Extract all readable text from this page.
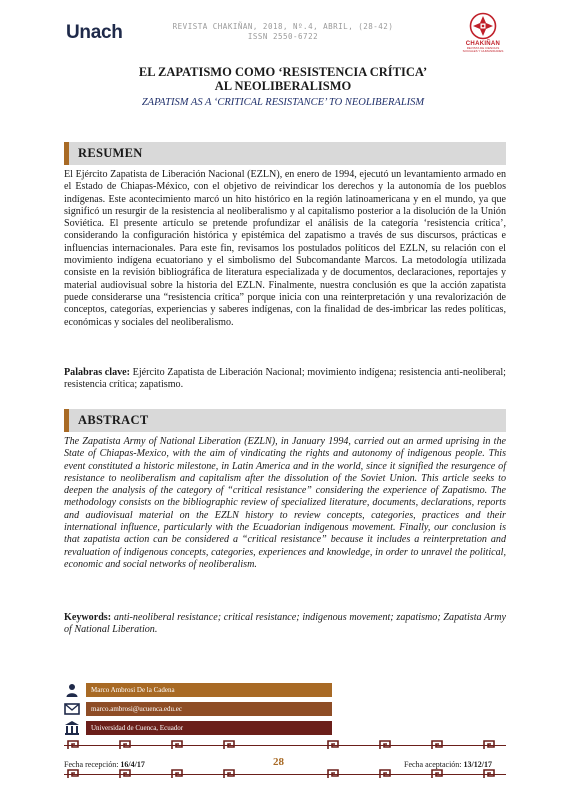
Unach	REVISTA CHAKIÑAN, 2018, Nº.4, ABRIL, (28-42)
ISSN 2550-6722
CHAKIÑAN
REVISTA DE CIENCIAS SOCIALES Y HUMANIDADES
EL ZAPATISMO COMO ‘RESISTENCIA CRÍTICA’
AL NEOLIBERALISMO
ZAPATISM AS A ‘CRITICAL RESISTANCE’ TO NEOLIBERALISM
RESUMEN
El Ejército Zapatista de Liberación Nacional (EZLN), en enero de 1994, ejecutó un levantamiento armado en el Estado de Chiapas-México, con el objetivo de reivindicar los derechos y la autonomía de los pueblos indígenas. Este acontecimiento marcó un hito histórico en la región latinoamericana y en el mundo, ya que significó un resurgir de la resistencia al neoliberalismo y al capitalismo posterior a la disolución de la Unión Soviética. El presente artículo se pretende profundizar el análisis de la categoría ‘resistencia crítica’, considerando la configuración histórica y epistémica del zapatismo a través de sus discursos, prácticas e influencias internacionales. Para este fin, revisamos los postulados políticos del EZLN, su relación con el movimiento indígena ecuatoriano y el simbolismo del Subcomandante Marcos. La metodología utilizada consiste en la revisión bibliográfica de literatura especializada y de documentos, declaraciones, reportajes y material audiovisual sobre la historia del EZLN. Finalmente, nuestra conclusión es que la acción zapatista puede considerarse una “resistencia crítica” porque inicia con una reinterpretación y una revalorización de conceptos, categorías, experiencias y saberes indígenas, con la finalidad de des-imbricar las redes políticas, económicas y sociales del neoliberalismo.
Palabras clave: Ejército Zapatista de Liberación Nacional; movimiento indígena; resistencia anti-neoliberal; resistencia crítica; zapatismo.
ABSTRACT
The Zapatista Army of National Liberation (EZLN), in January 1994, carried out an armed uprising in the State of Chiapas-Mexico, with the aim of vindicating the rights and autonomy of indigenous people. This event constituted a historic milestone, in Latin America and in the world, since it signified the resurgence of resistance to neoliberalism and capitalism after the dissolution of the Soviet Union. This article seeks to deepen the analysis of the category of “critical resistance” considering the experience of Zapatismo. The methodology consists on the bibliographic review of specialized literature, documents, declarations, reports and audiovisual material on the EZLN history to review concepts, categories, practices and their international influence, particularly with the Ecuadorian indigenous movement. Finally, our conclusion is that zapatista action can be considered a “critical resistance” because it includes a reinterpretation and revaluation of indigenous concepts, categories, experiences and knowledge, in order to unravel the political, economic and social networks of neoliberalism.
Keywords: anti-neoliberal resistance; critical resistance; indigenous movement; zapatismo; Zapatista Army of National Liberation.
Marco Ambrosi De la Cadena
marco.ambrosi@ucuenca.edu.ec
Universidad de Cuenca, Ecuador
Fecha recepción: 16/4/17	28	Fecha aceptación: 13/12/17
